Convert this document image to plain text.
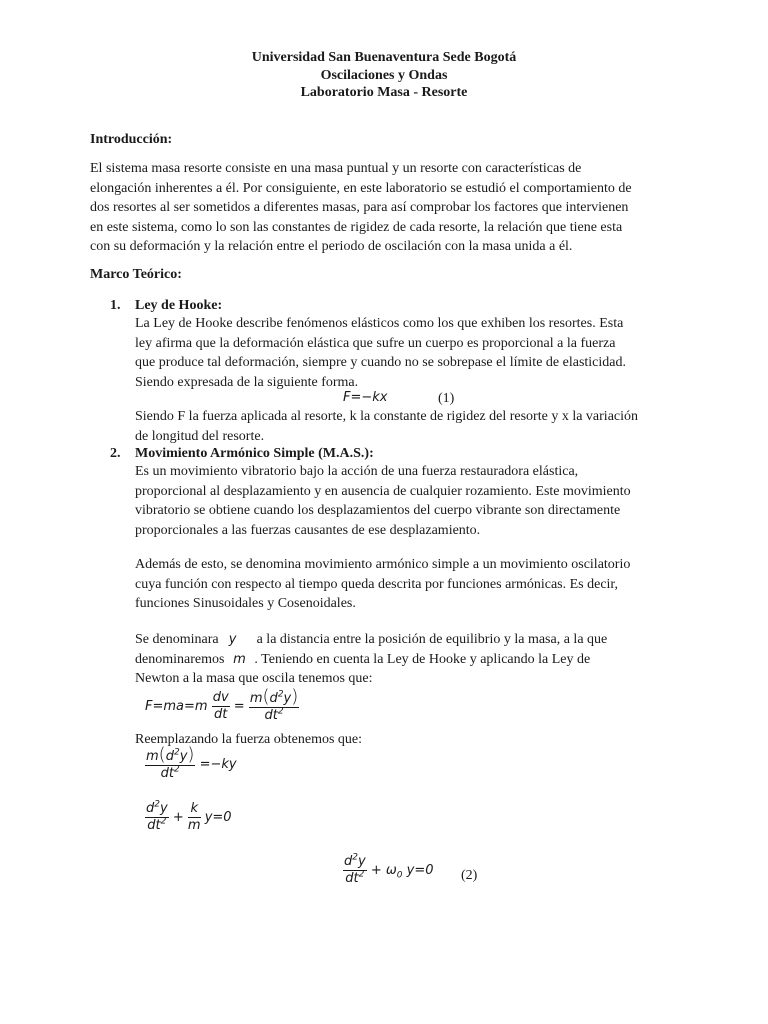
Universidad San Buenaventura Sede Bogotá
Oscilaciones y Ondas
Laboratorio Masa - Resorte
Introducción:
El sistema masa resorte consiste en una masa puntual y un resorte con características de
elongación inherentes a él. Por consiguiente, en este laboratorio se estudió el comportamiento de
dos resortes al ser sometidos a diferentes masas, para así comprobar los factores que intervienen
en este sistema, como lo son las constantes de rigidez de cada resorte, la relación que tiene esta
con su deformación y la relación entre el periodo de oscilación con la masa unida a él.
Marco Teórico:
1.	Ley de Hooke:
La Ley de Hooke describe fenómenos elásticos como los que exhiben los resortes. Esta
ley afirma que la deformación elástica que sufre un cuerpo es proporcional a la fuerza
que produce tal deformación, siempre y cuando no se sobrepase el límite de elasticidad.
Siendo expresada de la siguiente forma.
F=−kx	(1)
Siendo F la fuerza aplicada al resorte, k la constante de rigidez del resorte y x la variación
de longitud del resorte.
2.	Movimiento Armónico Simple (M.A.S.):
Es un movimiento vibratorio bajo la acción de una fuerza restauradora elástica,
proporcional al desplazamiento y en ausencia de cualquier rozamiento. Este movimiento
vibratorio se obtiene cuando los desplazamientos del cuerpo vibrante son directamente
proporcionales a las fuerzas causantes de ese desplazamiento.
Además de esto, se denomina movimiento armónico simple a un movimiento oscilatorio
cuya función con respecto al tiempo queda descrita por funciones armónicas. Es decir,
funciones Sinusoidales y Cosenoidales.
Se denominara y a la distancia entre la posición de equilibrio y la masa, a la que
denominaremos m . Teniendo en cuenta la Ley de Hooke y aplicando la Ley de
Newton a la masa que oscila tenemos que:
$F=ma=m \frac{dv}{dt} = \frac{m(d^2y)}{dt^2}$
Reemplazando la fuerza obtenemos que:
$\frac{m(d^2y)}{dt^2} =-ky$
$\frac{d^2y}{dt^2} + \frac{k}{m} y=0$
$\frac{d^2y}{dt^2} + \omega_0$ y=0 (2)
